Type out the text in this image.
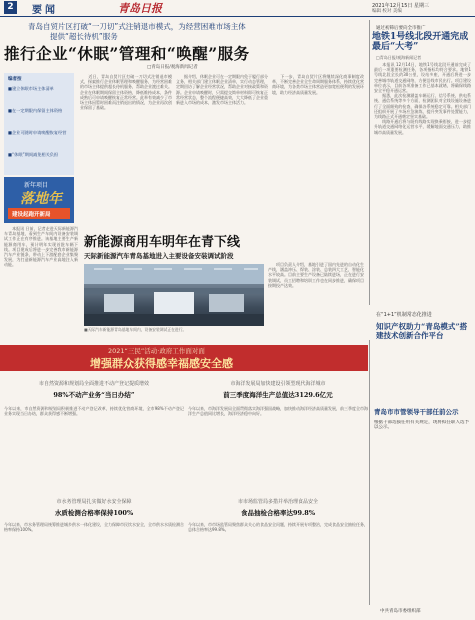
2	要闻	青岛日报	2021年12月15日 星期三
编辑 校对 美编
青岛自贸片区打破“一刀切”式注销退市模式，为经营困难市场主体
提供“超长待机”服务
推行企业“休眠”管理和“唤醒”服务
□青岛日报/观海新闻记者
编者按
■建立休眠市场主体清单
■在一定期限内保留主体资格
■企业可随时申请唤醒恢复经营
■“休眠”期间减免相关负担

　　近日，青岛自贸片区打破一刀切式注销退市模式，探索推行企业休眠管理和唤醒服务，为经营困难的市场主体提供超长待机服务，帮助企业渡过难关。企业在休眠期间保留主体资格，降低维持成本，条件成熟后可申请唤醒恢复正常经营。此举有效减少了市场主体因暂时困难而注销退出的情况，为企业再次创业保留了基础。

　　据介绍，休眠企业可在一定期限内免于履行部分义务，相关部门建立休眠企业清单，实行动态管理，定期回访了解企业经营状况，帮助企业对接政策和资源。企业申请唤醒时，只需提交简单材料即可恢复正常经营状态，整个流程便捷高效，大大降低了企业重新进入市场的成本，激发市场主体活力。

　　下一步，青岛自贸片区将继续深化商事制度改革，不断完善企业全生命周期服务体系，持续优化营商环境，为各类市场主体营造更加宽松便利的发展环境，助力经济高质量发展。

通过初筛后要向全市推广
地铁1号线北段开通完成最后“大考”
□青岛日报/观海新闻记者

　　本报讯 12月14日，地铁1号线北段开通前完成了最后一项重要检测任务，各项指标均符合要求。地铁1号线北段全长约30公里，设站多座，开通后将进一步完善城市轨道交通网络，方便沿线市民出行。项目建设单位表示，目前各项准备工作已基本就绪，将确保线路安全平稳开通运营。

　　据悉，此次检测涵盖车辆运行、信号系统、供电系统、通信系统等多个方面，检测团队对全线设施设备进行了全面细致的检查，确保各系统稳定可靠。相关部门还组织开展了多场应急演练，提升突发事件处置能力，为线路正式开通奠定坚实基础。

　　线路开通后将与既有线路实现换乘衔接，进一步提升轨道交通网络化运营水平，缓解地面交通压力，助推城市高质量发展。

新年项目
落地年
建设起跑开新局
新能源商用车明年在青下线
天际新能源汽车青岛基地进入主要设备安装调试阶段

　　本报讯 日前，记者走进天际新能源汽车青岛基地，看到生产车间内设备安装调试工作正在有序推进。该基地主要生产新能源商用车，预计明年实现首批车辆下线。项目建成后将进一步完善我市新能源汽车产业链条，带动上下游配套企业集聚发展，为打造新能源汽车产业高地注入新动能。

■天际汽车新能源青岛基地车间内，设备安装调试正在进行。

　　项目负责人介绍，基地引进了国内先进的自动化生产线，涵盖冲压、焊装、涂装、总装四大工艺，智能化水平较高。目前主要生产设备已陆续进场，正在进行安装调试，员工招聘和培训工作也在同步推进，确保项目按期投产达效。

在“1+1”机制常态化推进
知识产权助力“青岛模式”搭建技术创新合作平台
2021“三民”活动·政府工作面对面
增强群众获得感幸福感安全感
市自然资源和规划局全面推进不动产登记提质增效
98%不动产业务“当日办结”
今年以来，市自然资源和规划局积极推进不动产登记改革，持续优化营商环境，全市98%不动产登记业务实现当日办结，群众获得感不断增强。
市海洋发展局加快建设引领型现代海洋城市
前三季度海洋生产总值达3129.6亿元
今年以来，市海洋发展局全面贯彻落实海洋强国战略，加快推动海洋经济高质量发展，前三季度全市海洋生产总值同比增长，海洋经济稳中向好。
市水务管理局扎实做好水安全保障
水质检测合格率保持100%
今年以来，市水务管理局统筹推进城乡供水一体化建设，全力保障市民饮水安全，全市供水水质检测合格率保持100%。
市市场监管局多措并举治理食品安全
食品抽检合格率达99.8%
今年以来，市市场监管局聚焦群众关心的食品安全问题，持续开展专项整治，完成食品安全抽检任务，总体合格率达99.8%。
青岛市市管领导干部任前公示
根据干部选拔任用有关规定，现将拟任职人选予以公示。
中共青岛市委组织部
